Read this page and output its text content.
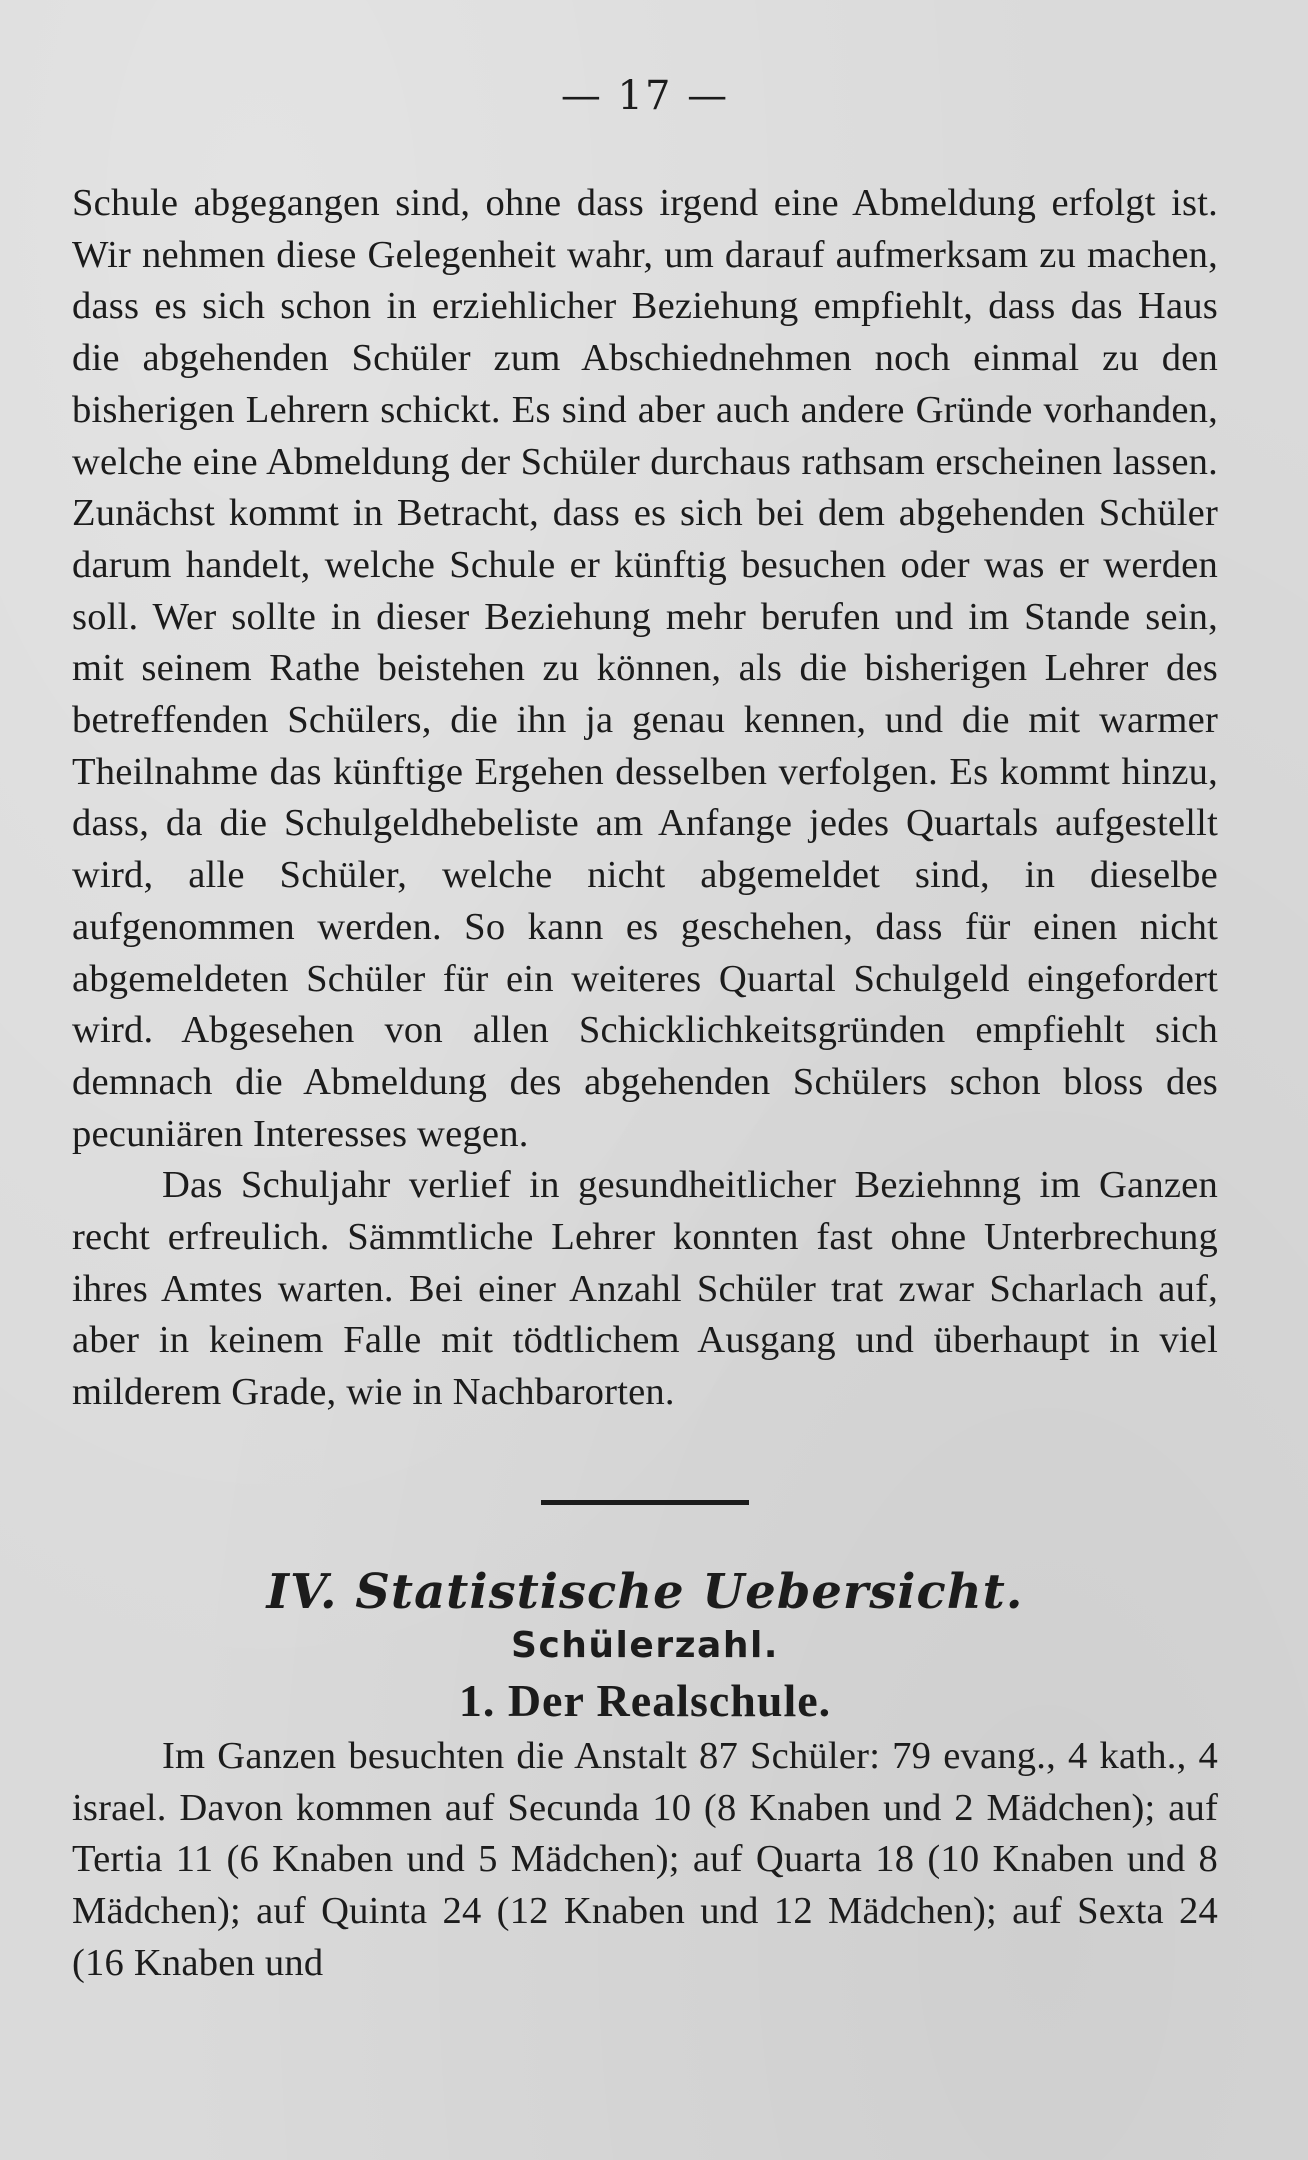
— 17 —

Schule abgegangen sind, ohne dass irgend eine Abmeldung erfolgt ist. Wir nehmen diese Gelegenheit wahr, um darauf aufmerksam zu machen, dass es sich schon in erziehlicher Beziehung empfiehlt, dass das Haus die abgehenden Schüler zum Abschiednehmen noch einmal zu den bisherigen Lehrern schickt. Es sind aber auch andere Gründe vorhanden, welche eine Abmeldung der Schüler durchaus rathsam erscheinen lassen. Zunächst kommt in Betracht, dass es sich bei dem abgehenden Schüler darum handelt, welche Schule er künftig besuchen oder was er werden soll. Wer sollte in dieser Beziehung mehr berufen und im Stande sein, mit seinem Rathe beistehen zu können, als die bisherigen Lehrer des betreffenden Schülers, die ihn ja genau kennen, und die mit warmer Theilnahme das künftige Ergehen desselben verfolgen. Es kommt hinzu, dass, da die Schulgeldhebeliste am Anfange jedes Quartals aufgestellt wird, alle Schüler, welche nicht abgemeldet sind, in dieselbe aufgenommen werden. So kann es geschehen, dass für einen nicht abgemeldeten Schüler für ein weiteres Quartal Schulgeld eingefordert wird. Abgesehen von allen Schicklichkeitsgründen empfiehlt sich demnach die Abmeldung des abgehenden Schülers schon bloss des pecuniären Interesses wegen.

Das Schuljahr verlief in gesundheitlicher Beziehnng im Ganzen recht erfreulich. Sämmtliche Lehrer konnten fast ohne Unterbrechung ihres Amtes warten. Bei einer Anzahl Schüler trat zwar Scharlach auf, aber in keinem Falle mit tödtlichem Ausgang und überhaupt in viel milderem Grade, wie in Nachbarorten.

IV. Statistische Uebersicht.
Schülerzahl.
1. Der Realschule.

Im Ganzen besuchten die Anstalt 87 Schüler: 79 evang., 4 kath., 4 israel. Davon kommen auf Secunda 10 (8 Knaben und 2 Mädchen); auf Tertia 11 (6 Knaben und 5 Mädchen); auf Quarta 18 (10 Knaben und 8 Mädchen); auf Quinta 24 (12 Knaben und 12 Mädchen); auf Sexta 24 (16 Knaben und
